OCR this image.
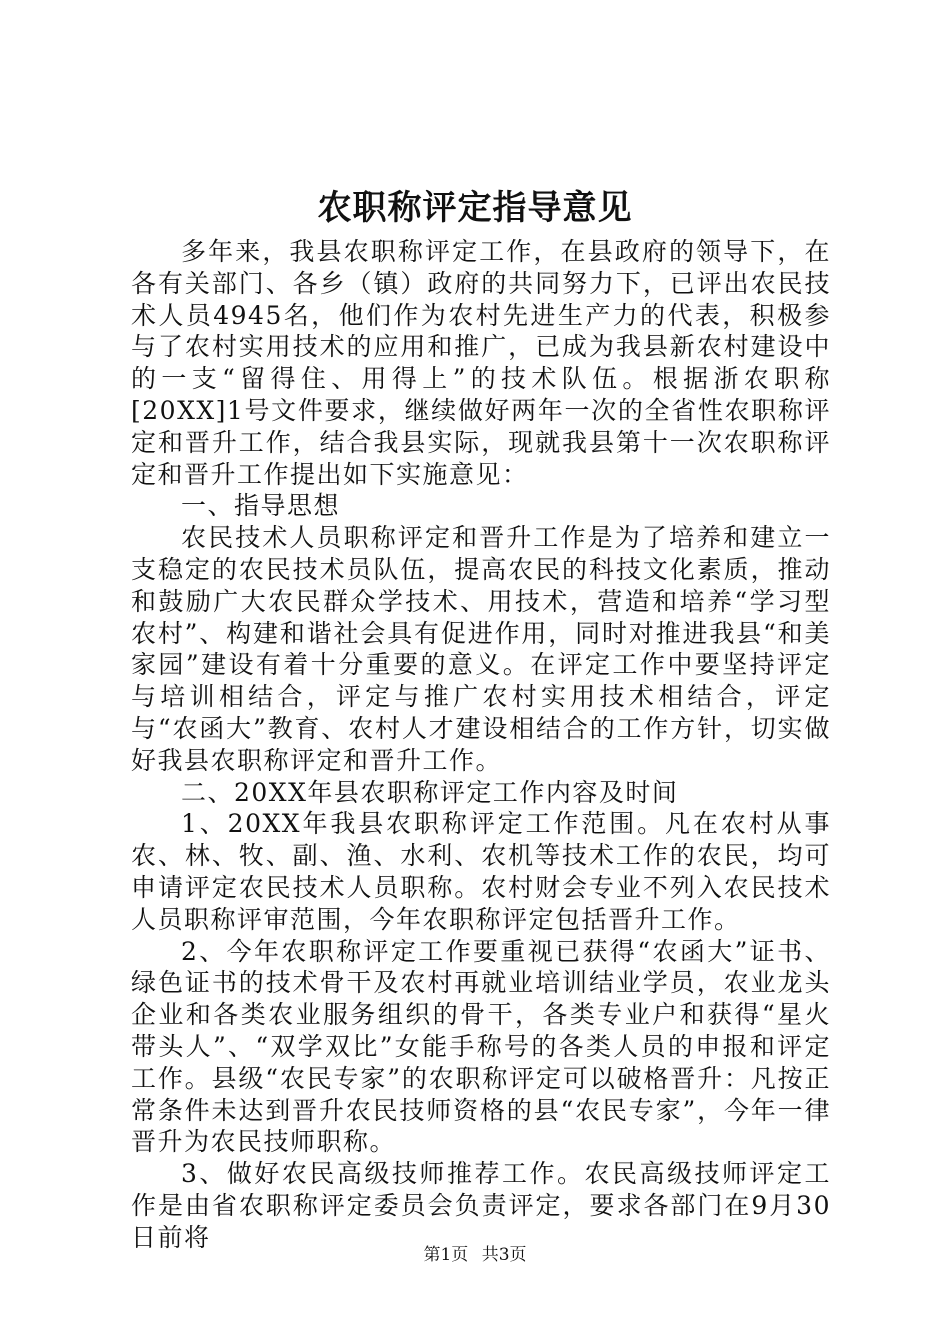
农职称评定指导意见

多年来，我县农职称评定工作，在县政府的领导下，在各有关部门、各乡（镇）政府的共同努力下，已评出农民技术人员4945名，他们作为农村先进生产力的代表，积极参与了农村实用技术的应用和推广，已成为我县新农村建设中的一支“留得住、用得上”的技术队伍。根据浙农职称[20XX]1号文件要求，继续做好两年一次的全省性农职称评定和晋升工作，结合我县实际，现就我县第十一次农职称评定和晋升工作提出如下实施意见：

一、指导思想

农民技术人员职称评定和晋升工作是为了培养和建立一支稳定的农民技术员队伍，提高农民的科技文化素质，推动和鼓励广大农民群众学技术、用技术，营造和培养“学习型农村”、构建和谐社会具有促进作用，同时对推进我县“和美家园”建设有着十分重要的意义。在评定工作中要坚持评定与培训相结合，评定与推广农村实用技术相结合，评定与“农函大”教育、农村人才建设相结合的工作方针，切实做好我县农职称评定和晋升工作。

二、20XX年县农职称评定工作内容及时间

1、20XX年我县农职称评定工作范围。凡在农村从事农、林、牧、副、渔、水利、农机等技术工作的农民，均可申请评定农民技术人员职称。农村财会专业不列入农民技术人员职称评审范围，今年农职称评定包括晋升工作。

2、今年农职称评定工作要重视已获得“农函大”证书、绿色证书的技术骨干及农村再就业培训结业学员，农业龙头企业和各类农业服务组织的骨干，各类专业户和获得“星火带头人”、“双学双比”女能手称号的各类人员的申报和评定工作。县级“农民专家”的农职称评定可以破格晋升：凡按正常条件未达到晋升农民技师资格的县“农民专家”，今年一律晋升为农民技师职称。

3、做好农民高级技师推荐工作。农民高级技师评定工作是由省农职称评定委员会负责评定，要求各部门在9月30日前将

第1页 共3页
